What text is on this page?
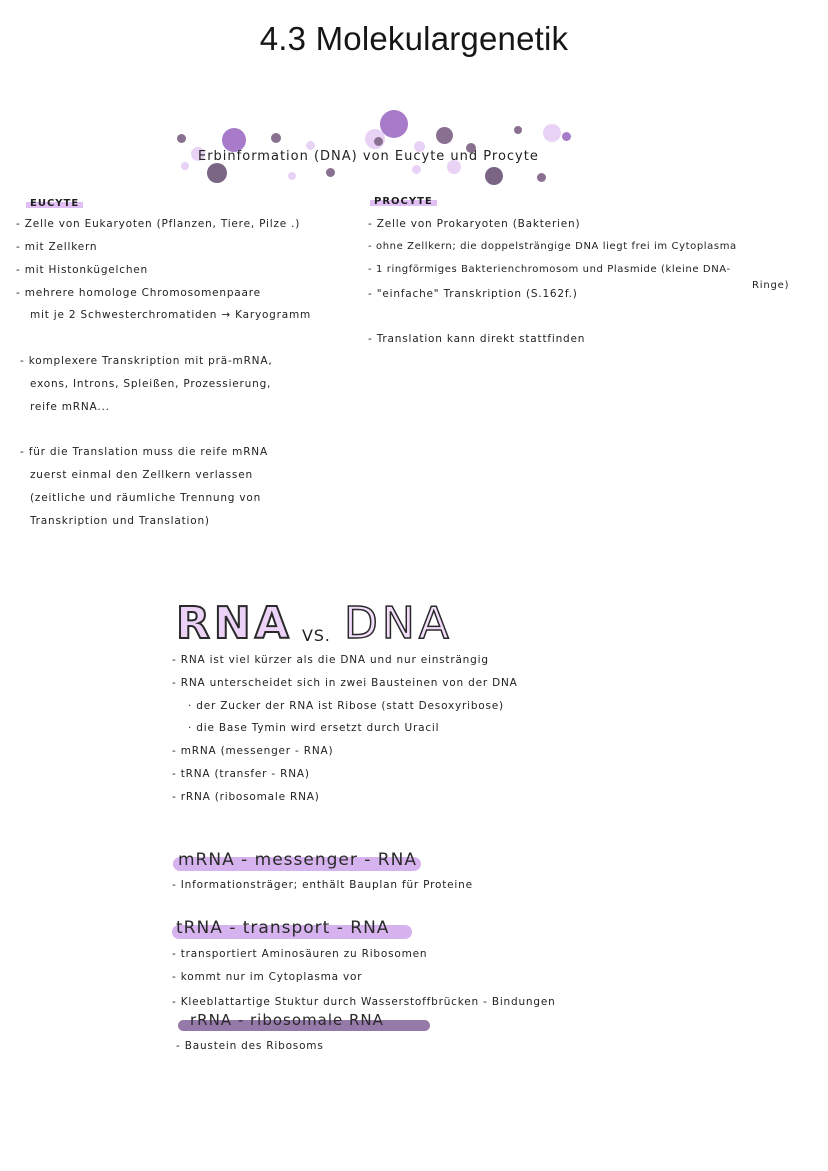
4.3 Molekulargenetik
Erbinformation (DNA) von Eucyte und Procyte
EUCYTE
- Zelle von Eukaryoten (Pflanzen, Tiere, Pilze .)
- mit Zellkern
- mit Histonkügelchen
- mehrere homologe Chromosomenpaare
mit je 2 Schwesterchromatiden → Karyogramm
- komplexere Transkription mit prä-mRNA,
exons, Introns, Spleißen, Prozessierung,
reife mRNA...
- für die Translation muss die reife mRNA
zuerst einmal den Zellkern verlassen
(zeitliche und räumliche Trennung von
Transkription und Translation)
PROCYTE
- Zelle von Prokaryoten (Bakterien)
- ohne Zellkern; die doppelsträngige DNA liegt frei im Cytoplasma
- 1 ringförmiges Bakterienchromosom und Plasmide (kleine DNA-
Ringe)
- "einfache" Transkription (S.162f.)
- Translation kann direkt stattfinden
RNA VS. DNA
- RNA ist viel kürzer als die DNA und nur einsträngig
- RNA unterscheidet sich in zwei Bausteinen von der DNA
· der Zucker der RNA ist Ribose (statt Desoxyribose)
· die Base Tymin wird ersetzt durch Uracil
- mRNA (messenger - RNA)
- tRNA (transfer - RNA)
- rRNA (ribosomale RNA)
mRNA - messenger - RNA
- Informationsträger; enthält Bauplan für Proteine
tRNA - transport - RNA
- transportiert Aminosäuren zu Ribosomen
- kommt nur im Cytoplasma vor
- Kleeblattartige Stuktur durch Wasserstoffbrücken - Bindungen
rRNA - ribosomale RNA
- Baustein des Ribosoms
